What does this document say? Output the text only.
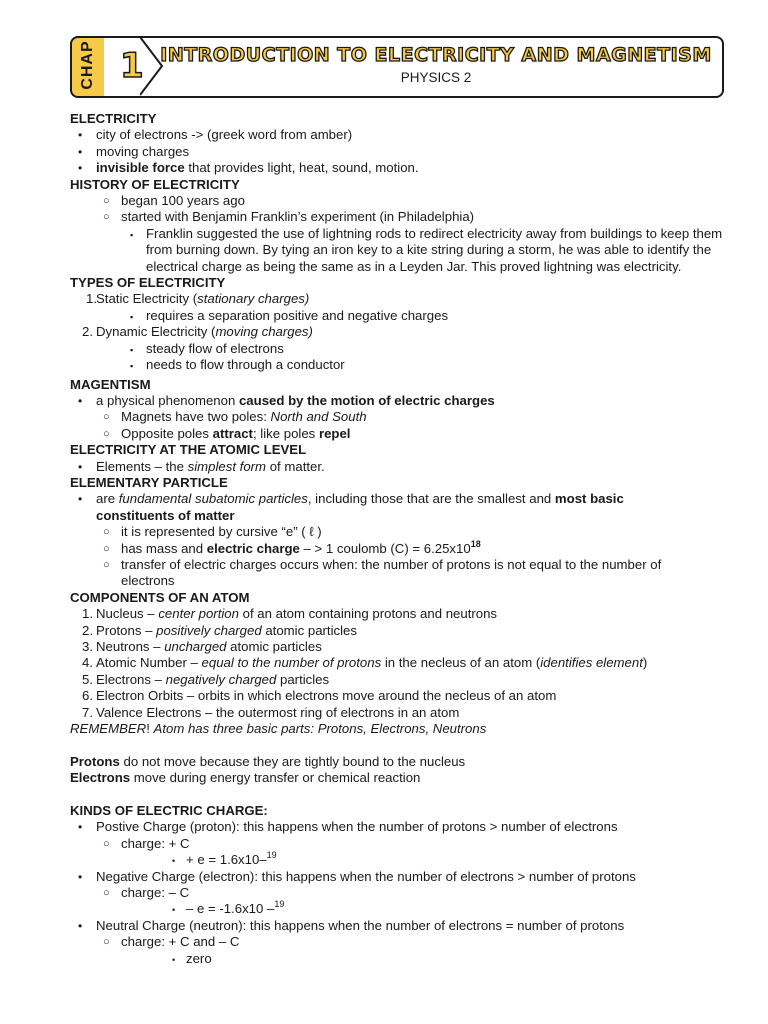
CHAP 1 INTRODUCTION TO ELECTRICITY AND MAGNETISM
PHYSICS 2
ELECTRICITY
• city of electrons -> (greek word from amber)
• moving charges
• invisible force that provides light, heat, sound, motion.
HISTORY OF ELECTRICITY
○ began 100 years ago
○ started with Benjamin Franklin’s experiment (in Philadelphia)
▪ Franklin suggested the use of lightning rods to redirect electricity away from buildings to keep them from burning down. By tying an iron key to a kite string during a storm, he was able to identify the electrical charge as being the same as in a Leyden Jar. This proved lightning was electricity.
TYPES OF ELECTRICITY
1. Static Electricity (stationary charges)
▪ requires a separation positive and negative charges
2. Dynamic Electricity (moving charges)
▪ steady flow of electrons
▪ needs to flow through a conductor
MAGENTISM
• a physical phenomenon caused by the motion of electric charges
○ Magnets have two poles: North and South
○ Opposite poles attract; like poles repel
ELECTRICITY AT THE ATOMIC LEVEL
• Elements – the simplest form of matter.
ELEMENTARY PARTICLE
• are fundamental subatomic particles, including those that are the smallest and most basic
constituents of matter
○ it is represented by cursive “e” ( ℓ )
○ has mass and electric charge – > 1 coulomb $(C) = 6.25x10^{18}$
○ transfer of electric charges occurs when: the number of protons is not equal to the number of
electrons
COMPONENTS OF AN ATOM
1. Nucleus – center portion of an atom containing protons and neutrons
2. Protons – positively charged atomic particles
3. Neutrons – uncharged atomic particles
4. Atomic Number – equal to the number of protons in the necleus of an atom (identifies element)
5. Electrons – negatively charged particles
6. Electron Orbits – orbits in which electrons move around the necleus of an atom
7. Valence Electrons – the outermost ring of electrons in an atom
REMEMBER! Atom has three basic parts: Protons, Electrons, Neutrons
Protons do not move because they are tightly bound to the nucleus
Electrons move during energy transfer or chemical reaction
KINDS OF ELECTRIC CHARGE:
• Postive Charge (proton): this happens when the number of protons > number of electrons
○ charge: + C
• + e = 1.6x10–$^{19}$
• Negative Charge (electron): this happens when the number of electrons > number of protons
○ charge: – C
• – e = -1.6x10 –$^{19}$
• Neutral Charge (neutron): this happens when the number of electrons = number of protons
○ charge: + C and – C
• zero
